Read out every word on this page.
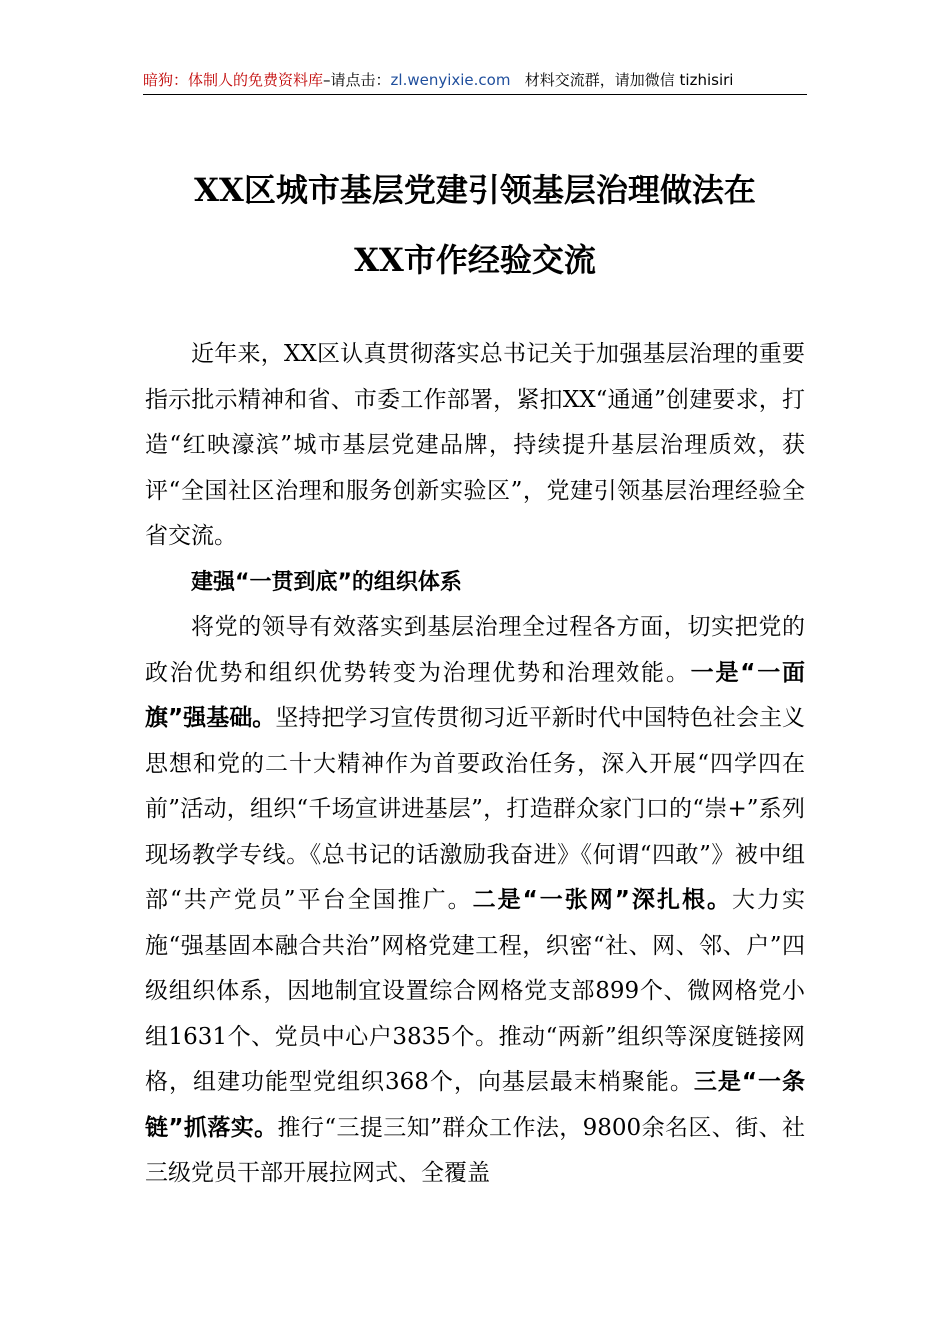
暗狗：体制人的免费资料库–请点击：zl.wenyixie.com 材料交流群，请加微信 tizhisiri
XX区城市基层党建引领基层治理做法在
XX市作经验交流

近年来，XX区认真贯彻落实总书记关于加强基层治理的重要指示批示精神和省、市委工作部署，紧扣XX“通通”创建要求，打造“红映濠滨”城市基层党建品牌，持续提升基层治理质效，获评“全国社区治理和服务创新实验区”，党建引领基层治理经验全省交流。

建强“一贯到底”的组织体系

将党的领导有效落实到基层治理全过程各方面，切实把党的政治优势和组织优势转变为治理优势和治理效能。一是“一面旗”强基础。坚持把学习宣传贯彻习近平新时代中国特色社会主义思想和党的二十大精神作为首要政治任务，深入开展“四学四在前”活动，组织“千场宣讲进基层”，打造群众家门口的“崇+”系列现场教学专线。《总书记的话激励我奋进》《何谓“四敢”》被中组部“共产党员”平台全国推广。二是“一张网”深扎根。大力实施“强基固本融合共治”网格党建工程，织密“社、网、邻、户”四级组织体系，因地制宜设置综合网格党支部899个、微网格党小组1631个、党员中心户3835个。推动“两新”组织等深度链接网格，组建功能型党组织368个，向基层最末梢聚能。三是“一条链”抓落实。推行“三提三知”群众工作法，9800余名区、街、社三级党员干部开展拉网式、全覆盖
